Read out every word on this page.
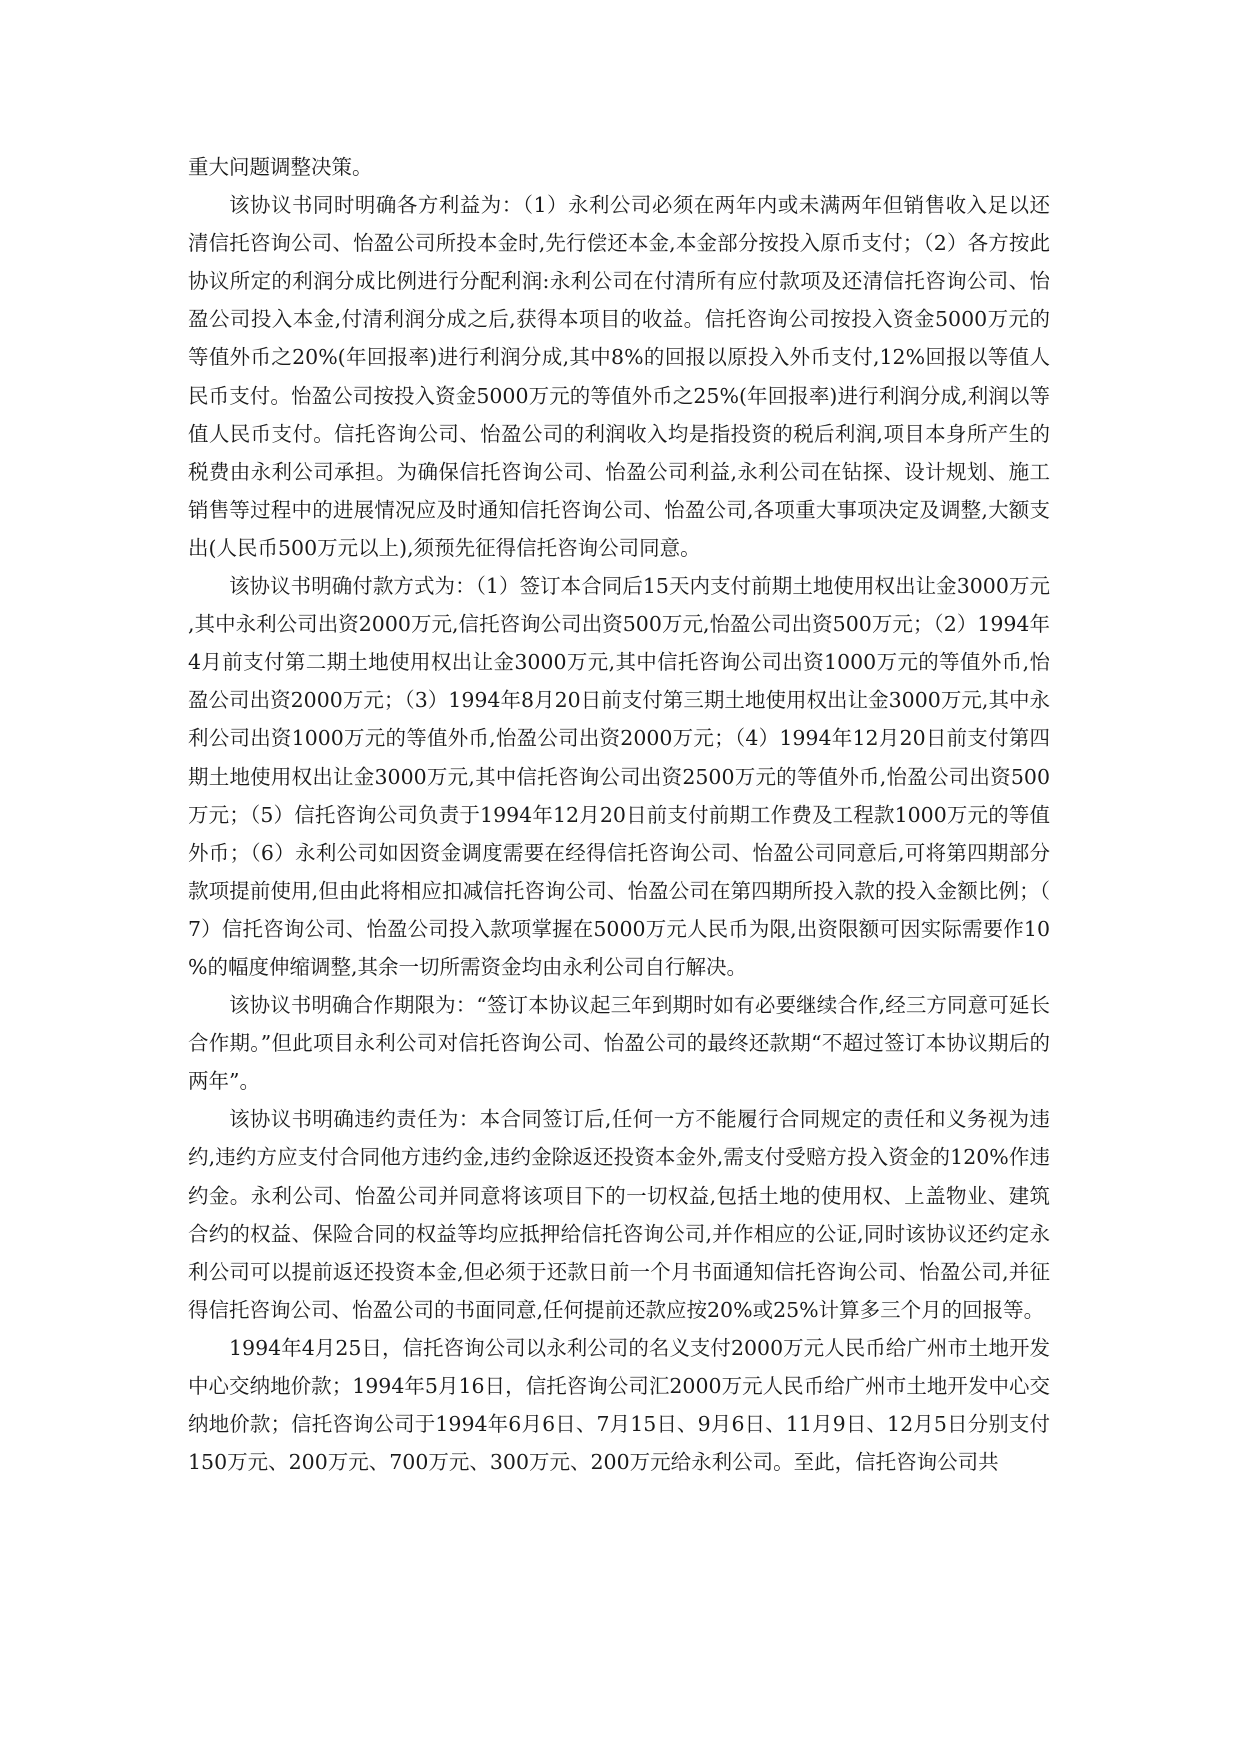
重大问题调整决策。

该协议书同时明确各方利益为：（1）永利公司必须在两年内或未满两年但销售收入足以还清信托咨询公司、怡盈公司所投本金时,先行偿还本金,本金部分按投入原币支付；（2）各方按此协议所定的利润分成比例进行分配利润:永利公司在付清所有应付款项及还清信托咨询公司、怡盈公司投入本金,付清利润分成之后,获得本项目的收益。信托咨询公司按投入资金5000万元的等值外币之20%(年回报率)进行利润分成,其中8%的回报以原投入外币支付,12%回报以等值人民币支付。怡盈公司按投入资金5000万元的等值外币之25%(年回报率)进行利润分成,利润以等值人民币支付。信托咨询公司、怡盈公司的利润收入均是指投资的税后利润,项目本身所产生的税费由永利公司承担。为确保信托咨询公司、怡盈公司利益,永利公司在钻探、设计规划、施工销售等过程中的进展情况应及时通知信托咨询公司、怡盈公司,各项重大事项决定及调整,大额支出(人民币500万元以上),须预先征得信托咨询公司同意。

该协议书明确付款方式为：（1）签订本合同后15天内支付前期土地使用权出让金3000万元,其中永利公司出资2000万元,信托咨询公司出资500万元,怡盈公司出资500万元；（2）1994年4月前支付第二期土地使用权出让金3000万元,其中信托咨询公司出资1000万元的等值外币,怡盈公司出资2000万元；（3）1994年8月20日前支付第三期土地使用权出让金3000万元,其中永利公司出资1000万元的等值外币,怡盈公司出资2000万元；（4）1994年12月20日前支付第四期土地使用权出让金3000万元,其中信托咨询公司出资2500万元的等值外币,怡盈公司出资500万元；（5）信托咨询公司负责于1994年12月20日前支付前期工作费及工程款1000万元的等值外币；（6）永利公司如因资金调度需要在经得信托咨询公司、怡盈公司同意后,可将第四期部分款项提前使用,但由此将相应扣减信托咨询公司、怡盈公司在第四期所投入款的投入金额比例；（7）信托咨询公司、怡盈公司投入款项掌握在5000万元人民币为限,出资限额可因实际需要作10%的幅度伸缩调整,其余一切所需资金均由永利公司自行解决。

该协议书明确合作期限为：“签订本协议起三年到期时如有必要继续合作,经三方同意可延长合作期。”但此项目永利公司对信托咨询公司、怡盈公司的最终还款期“不超过签订本协议期后的两年”。

该协议书明确违约责任为：本合同签订后,任何一方不能履行合同规定的责任和义务视为违约,违约方应支付合同他方违约金,违约金除返还投资本金外,需支付受赔方投入资金的120%作违约金。永利公司、怡盈公司并同意将该项目下的一切权益,包括土地的使用权、上盖物业、建筑合约的权益、保险合同的权益等均应抵押给信托咨询公司,并作相应的公证,同时该协议还约定永利公司可以提前返还投资本金,但必须于还款日前一个月书面通知信托咨询公司、怡盈公司,并征得信托咨询公司、怡盈公司的书面同意,任何提前还款应按20%或25%计算多三个月的回报等。

1994年4月25日，信托咨询公司以永利公司的名义支付2000万元人民币给广州市土地开发中心交纳地价款；1994年5月16日，信托咨询公司汇2000万元人民币给广州市土地开发中心交纳地价款；信托咨询公司于1994年6月6日、7月15日、9月6日、11月9日、12月5日分别支付150万元、200万元、700万元、300万元、200万元给永利公司。至此，信托咨询公司共
